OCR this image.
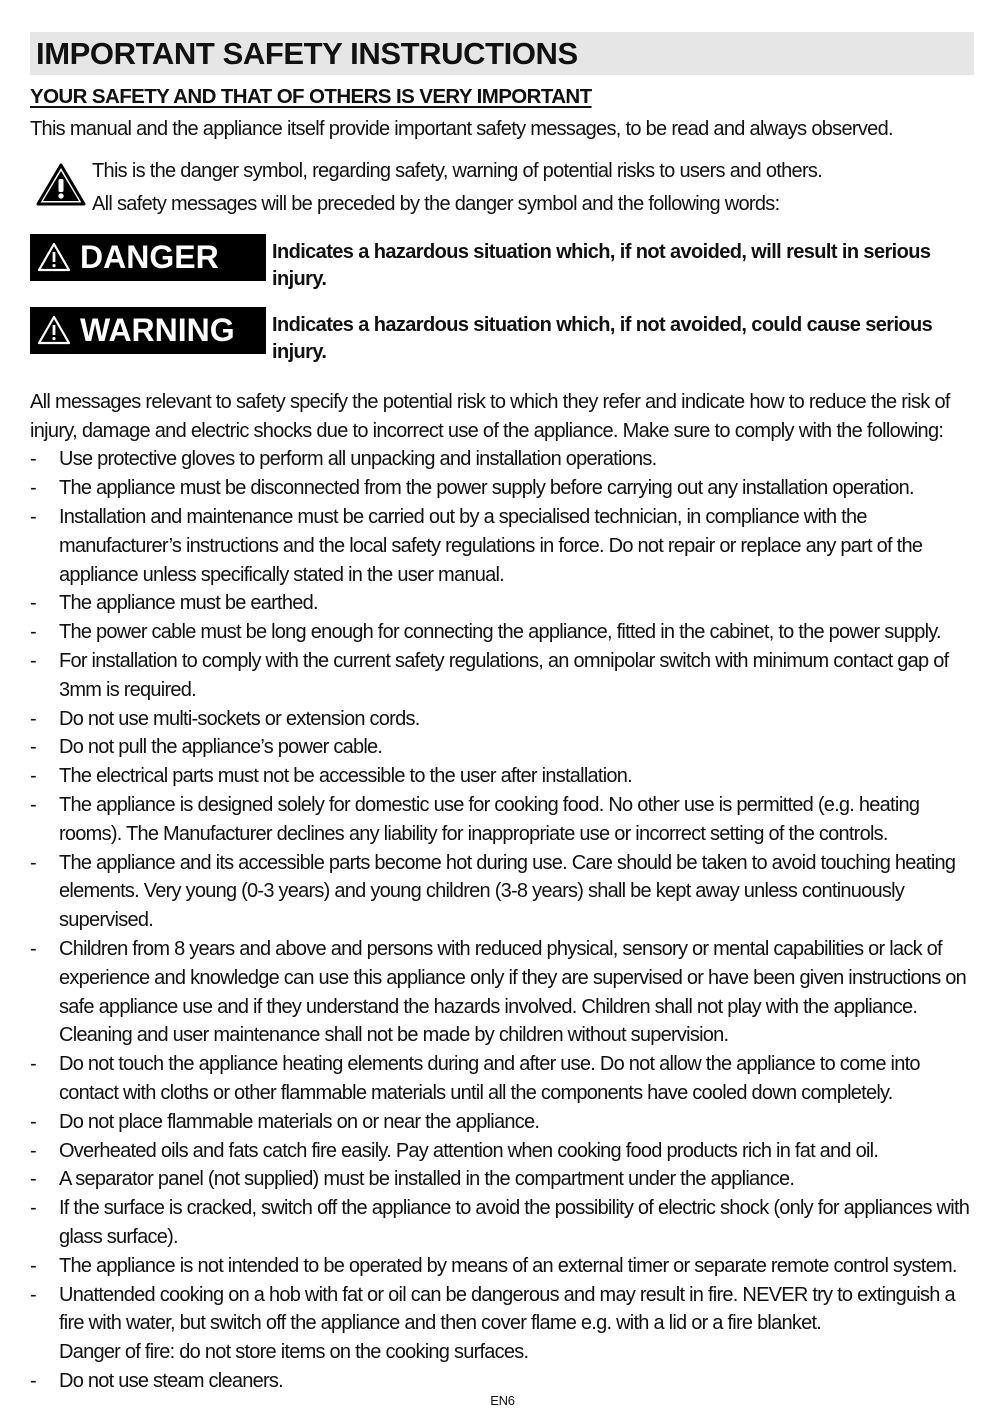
IMPORTANT SAFETY INSTRUCTIONS
YOUR SAFETY AND THAT OF OTHERS IS VERY IMPORTANT

This manual and the appliance itself provide important safety messages, to be read and always observed.

This is the danger symbol, regarding safety, warning of potential risks to users and others.

All safety messages will be preceded by the danger symbol and the following words:

DANGER	Indicates a hazardous situation which, if not avoided, will result in serious injury.
WARNING Indicates a hazardous situation which, if not avoided, could cause serious injury.

All messages relevant to safety specify the potential risk to which they refer and indicate how to reduce the risk of injury, damage and electric shocks due to incorrect use of the appliance. Make sure to comply with the following:

- Use protective gloves to perform all unpacking and installation operations.
- The appliance must be disconnected from the power supply before carrying out any installation operation.
- Installation and maintenance must be carried out by a specialised technician, in compliance with the manufacturer’s instructions and the local safety regulations in force. Do not repair or replace any part of the appliance unless specifically stated in the user manual.
- The appliance must be earthed.
- The power cable must be long enough for connecting the appliance, fitted in the cabinet, to the power supply.
- For installation to comply with the current safety regulations, an omnipolar switch with minimum contact gap of 3mm is required.
- Do not use multi-sockets or extension cords.
- Do not pull the appliance’s power cable.
- The electrical parts must not be accessible to the user after installation.
- The appliance is designed solely for domestic use for cooking food. No other use is permitted (e.g. heating rooms). The Manufacturer declines any liability for inappropriate use or incorrect setting of the controls.
- The appliance and its accessible parts become hot during use. Care should be taken to avoid touching heating elements. Very young (0-3 years) and young children (3-8 years) shall be kept away unless continuously supervised.
- Children from 8 years and above and persons with reduced physical, sensory or mental capabilities or lack of experience and knowledge can use this appliance only if they are supervised or have been given instructions on safe appliance use and if they understand the hazards involved. Children shall not play with the appliance. Cleaning and user maintenance shall not be made by children without supervision.
- Do not touch the appliance heating elements during and after use. Do not allow the appliance to come into contact with cloths or other flammable materials until all the components have cooled down completely.
- Do not place flammable materials on or near the appliance.
- Overheated oils and fats catch fire easily. Pay attention when cooking food products rich in fat and oil.
- A separator panel (not supplied) must be installed in the compartment under the appliance.
- If the surface is cracked, switch off the appliance to avoid the possibility of electric shock (only for appliances with glass surface).
- The appliance is not intended to be operated by means of an external timer or separate remote control system.
- Unattended cooking on a hob with fat or oil can be dangerous and may result in fire. NEVER try to extinguish a fire with water, but switch off the appliance and then cover flame e.g. with a lid or a fire blanket.
Danger of fire: do not store items on the cooking surfaces.
- Do not use steam cleaners.
EN6
